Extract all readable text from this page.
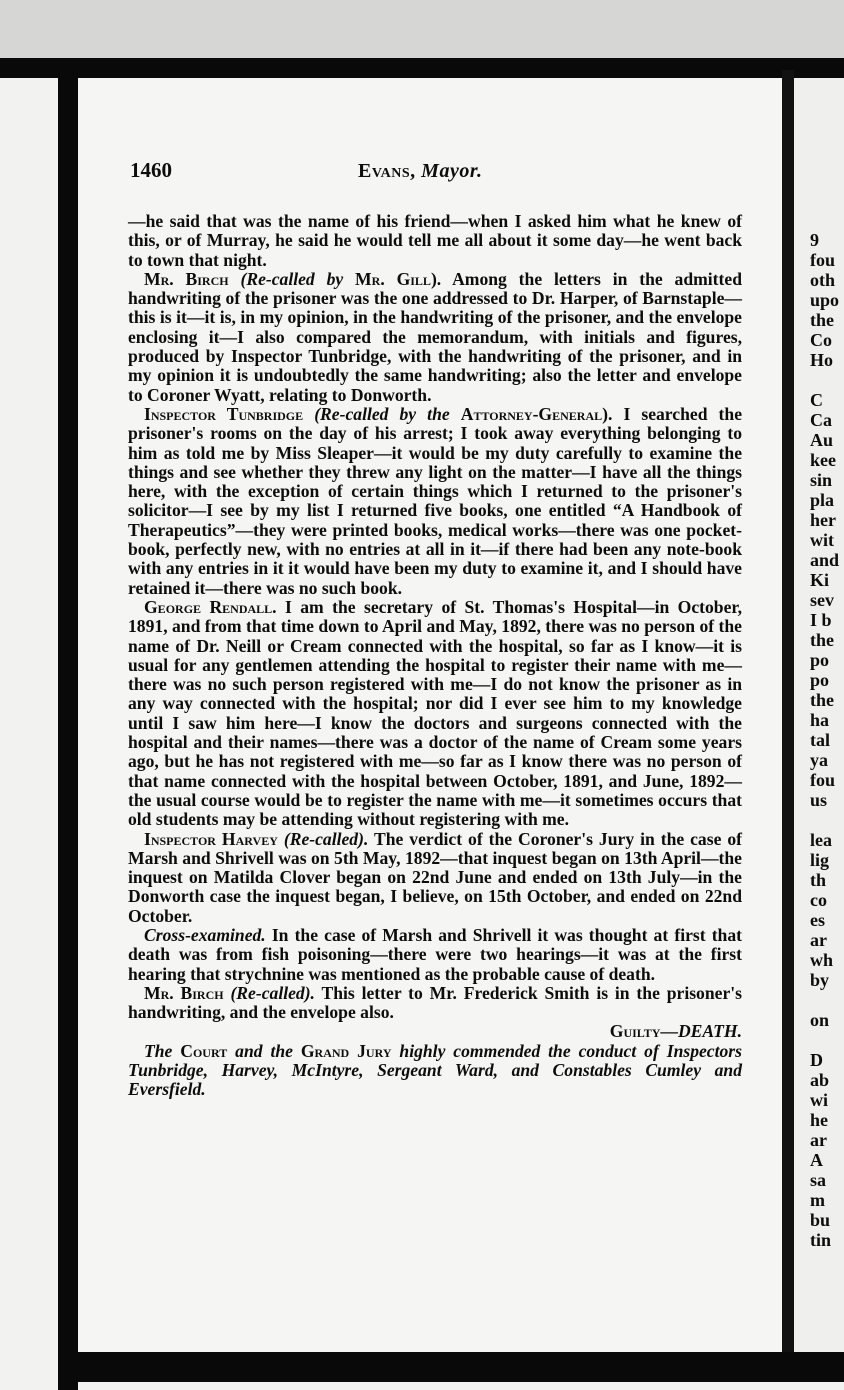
1460	Evans, Mayor.

—he said that was the name of his friend—when I asked him what he knew of this, or of Murray, he said he would tell me all about it some day—he went back to town that night.

Mr. Birch (Re-called by Mr. Gill). Among the letters in the admitted handwriting of the prisoner was the one addressed to Dr. Harper, of Barnstaple—this is it—it is, in my opinion, in the handwriting of the prisoner, and the envelope enclosing it—I also compared the memorandum, with initials and figures, produced by Inspector Tunbridge, with the handwriting of the prisoner, and in my opinion it is undoubtedly the same handwriting; also the letter and envelope to Coroner Wyatt, relating to Donworth.

Inspector Tunbridge (Re-called by the Attorney-General). I searched the prisoner's rooms on the day of his arrest; I took away everything belonging to him as told me by Miss Sleaper—it would be my duty carefully to examine the things and see whether they threw any light on the matter—I have all the things here, with the exception of certain things which I returned to the prisoner's solicitor—I see by my list I returned five books, one entitled “A Handbook of Therapeutics”—they were printed books, medical works—there was one pocket-book, perfectly new, with no entries at all in it—if there had been any note-book with any entries in it it would have been my duty to examine it, and I should have retained it—there was no such book.

George Rendall. I am the secretary of St. Thomas's Hospital—in October, 1891, and from that time down to April and May, 1892, there was no person of the name of Dr. Neill or Cream connected with the hospital, so far as I know—it is usual for any gentlemen attending the hospital to register their name with me—there was no such person registered with me—I do not know the prisoner as in any way connected with the hospital; nor did I ever see him to my knowledge until I saw him here—I know the doctors and surgeons connected with the hospital and their names—there was a doctor of the name of Cream some years ago, but he has not registered with me—so far as I know there was no person of that name connected with the hospital between October, 1891, and June, 1892—the usual course would be to register the name with me—it sometimes occurs that old students may be attending without registering with me.

Inspector Harvey (Re-called). The verdict of the Coroner's Jury in the case of Marsh and Shrivell was on 5th May, 1892—that inquest began on 13th April—the inquest on Matilda Clover began on 22nd June and ended on 13th July—in the Donworth case the inquest began, I believe, on 15th October, and ended on 22nd October.

Cross-examined. In the case of Marsh and Shrivell it was thought at first that death was from fish poisoning—there were two hearings—it was at the first hearing that strychnine was mentioned as the probable cause of death.

Mr. Birch (Re-called). This letter to Mr. Frederick Smith is in the prisoner's handwriting, and the envelope also.

Guilty—DEATH.

The Court and the Grand Jury highly commended the conduct of Inspectors Tunbridge, Harvey, McIntyre, Sergeant Ward, and Constables Cumley and Eversfield.

9
fou
oth
upo
the
Co
Ho
C
Ca
Au
kee
sin
pla
her
wit
and
Ki
sev
I b
the
po
po
the
ha
tal
ya
fou
us
lea
lig
th
co
es
ar
wh
by
on
D
ab
wi
he
ar
A
sa
m
bu
tin
